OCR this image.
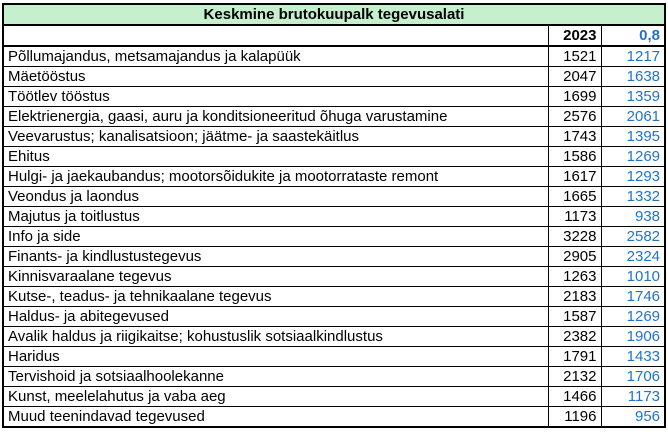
Keskmine brutokuupalk tegevusalati		
	2023	0,8
Põllumajandus, metsamajandus ja kalapüük	1521	1217
Mäetööstus	2047	1638
Töötlev tööstus	1699	1359
Elektrienergia, gaasi, auru ja konditsioneeritud õhuga varustamine	2576	2061
Veevarustus; kanalisatsioon; jäätme- ja saastekäitlus	1743	1395
Ehitus	1586	1269
Hulgi- ja jaekaubandus; mootorsõidukite ja mootorrataste remont	1617	1293
Veondus ja laondus	1665	1332
Majutus ja toitlustus	1173	938
Info ja side	3228	2582
Finants- ja kindlustustegevus	2905	2324
Kinnisvaraalane tegevus	1263	1010
Kutse-, teadus- ja tehnikaalane tegevus	2183	1746
Haldus- ja abitegevused	1587	1269
Avalik haldus ja riigikaitse; kohustuslik sotsiaalkindlustus	2382	1906
Haridus	1791	1433
Tervishoid ja sotsiaalhoolekanne	2132	1706
Kunst, meelelahutus ja vaba aeg	1466	1173
Muud teenindavad tegevused	1196	956
